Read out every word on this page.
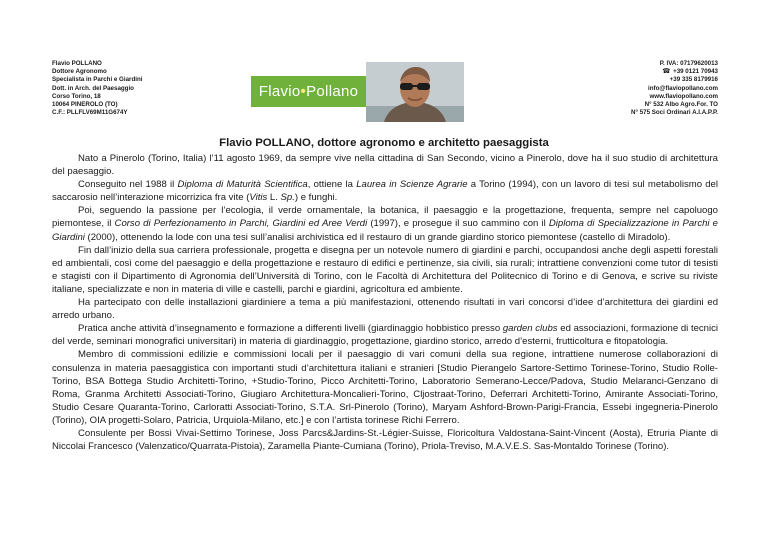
Flavio POLLANO
Dottore Agronomo
Specialista in Parchi e Giardini
Dott. in Arch. del Paesaggio
Corso Torino, 18
10064 PINEROLO (TO)
C.F.: PLLFLV69M11G674Y
Flavio•Pollano
P. IVA: 07179620013
☎ +39 0121 70943
+39 335 8179916
info@flaviopollano.com
www.flaviopollano.com
N° 532 Albo Agro.For. TO
N° 575 Soci Ordinari A.I.A.P.P.
Flavio POLLANO, dottore agronomo e architetto paesaggista

Nato a Pinerolo (Torino, Italia) l’11 agosto 1969, da sempre vive nella cittadina di San Secondo, vicino a Pinerolo, dove ha il suo studio di architettura del paesaggio.

Conseguito nel 1988 il Diploma di Maturità Scientifica, ottiene la Laurea in Scienze Agrarie a Torino (1994), con un lavoro di tesi sul metabolismo del saccarosio nell’interazione micorrizica fra vite (Vitis L. Sp.) e funghi.

Poi, seguendo la passione per l’ecologia, il verde ornamentale, la botanica, il paesaggio e la progettazione, frequenta, sempre nel capoluogo piemontese, il Corso di Perfezionamento in Parchi, Giardini ed Aree Verdi (1997), e prosegue il suo cammino con il Diploma di Specializzazione in Parchi e Giardini (2000), ottenendo la lode con una tesi sull’analisi archivistica ed il restauro di un grande giardino storico piemontese (castello di Miradolo).

Fin dall’inizio della sua carriera professionale, progetta e disegna per un notevole numero di giardini e parchi, occupandosi anche degli aspetti forestali ed ambientali, così come del paesaggio e della progettazione e restauro di edifici e pertinenze, sia civili, sia rurali; intrattiene convenzioni come tutor di tesisti e stagisti con il Dipartimento di Agronomia dell’Università di Torino, con le Facoltà di Architettura del Politecnico di Torino e di Genova, e scrive su riviste italiane, specializzate e non in materia di ville e castelli, parchi e giardini, agricoltura ed ambiente.

Ha partecipato con delle installazioni giardiniere a tema a più manifestazioni, ottenendo risultati in vari concorsi d’idee d’architettura dei giardini ed arredo urbano.

Pratica anche attività d’insegnamento e formazione a differenti livelli (giardinaggio hobbistico presso garden clubs ed associazioni, formazione di tecnici del verde, seminari monografici universitari) in materia di giardinaggio, progettazione, giardino storico, arredo d’esterni, frutticoltura e fitopatologia.

Membro di commissioni edilizie e commissioni locali per il paesaggio di vari comuni della sua regione, intrattiene numerose collaborazioni di consulenza in materia paesaggistica con importanti studi d’architettura italiani e stranieri [Studio Pierangelo Sartore-Settimo Torinese-Torino, Studio Rolle-Torino, BSA Bottega Studio Architetti-Torino, +Studio-Torino, Picco Architetti-Torino, Laboratorio Semerano-Lecce/Padova, Studio Melaranci-Genzano di Roma, Granma Architetti Associati-Torino, Giugiaro Architettura-Moncalieri-Torino, Cljostraat-Torino, Deferrari Architetti-Torino, Amirante Associati-Torino, Studio Cesare Quaranta-Torino, Carloratti Associati-Torino, S.T.A. Srl-Pinerolo (Torino), Maryam Ashford-Brown-Parigi-Francia, Essebi ingegneria-Pinerolo (Torino), OIA progetti-Solaro, Patricia, Urquiola-Milano, etc.] e con l’artista torinese Richi Ferrero.

Consulente per Bossi Vivai-Settimo Torinese, Joss Parcs&Jardins-St.-Légier-Suisse, Floricoltura Valdostana-Saint-Vincent (Aosta), Etruria Piante di Niccolai Francesco (Valenzatico/Quarrata-Pistoia), Zaramella Piante-Cumiana (Torino), Priola-Treviso, M.A.V.E.S. Sas-Montaldo Torinese (Torino).
